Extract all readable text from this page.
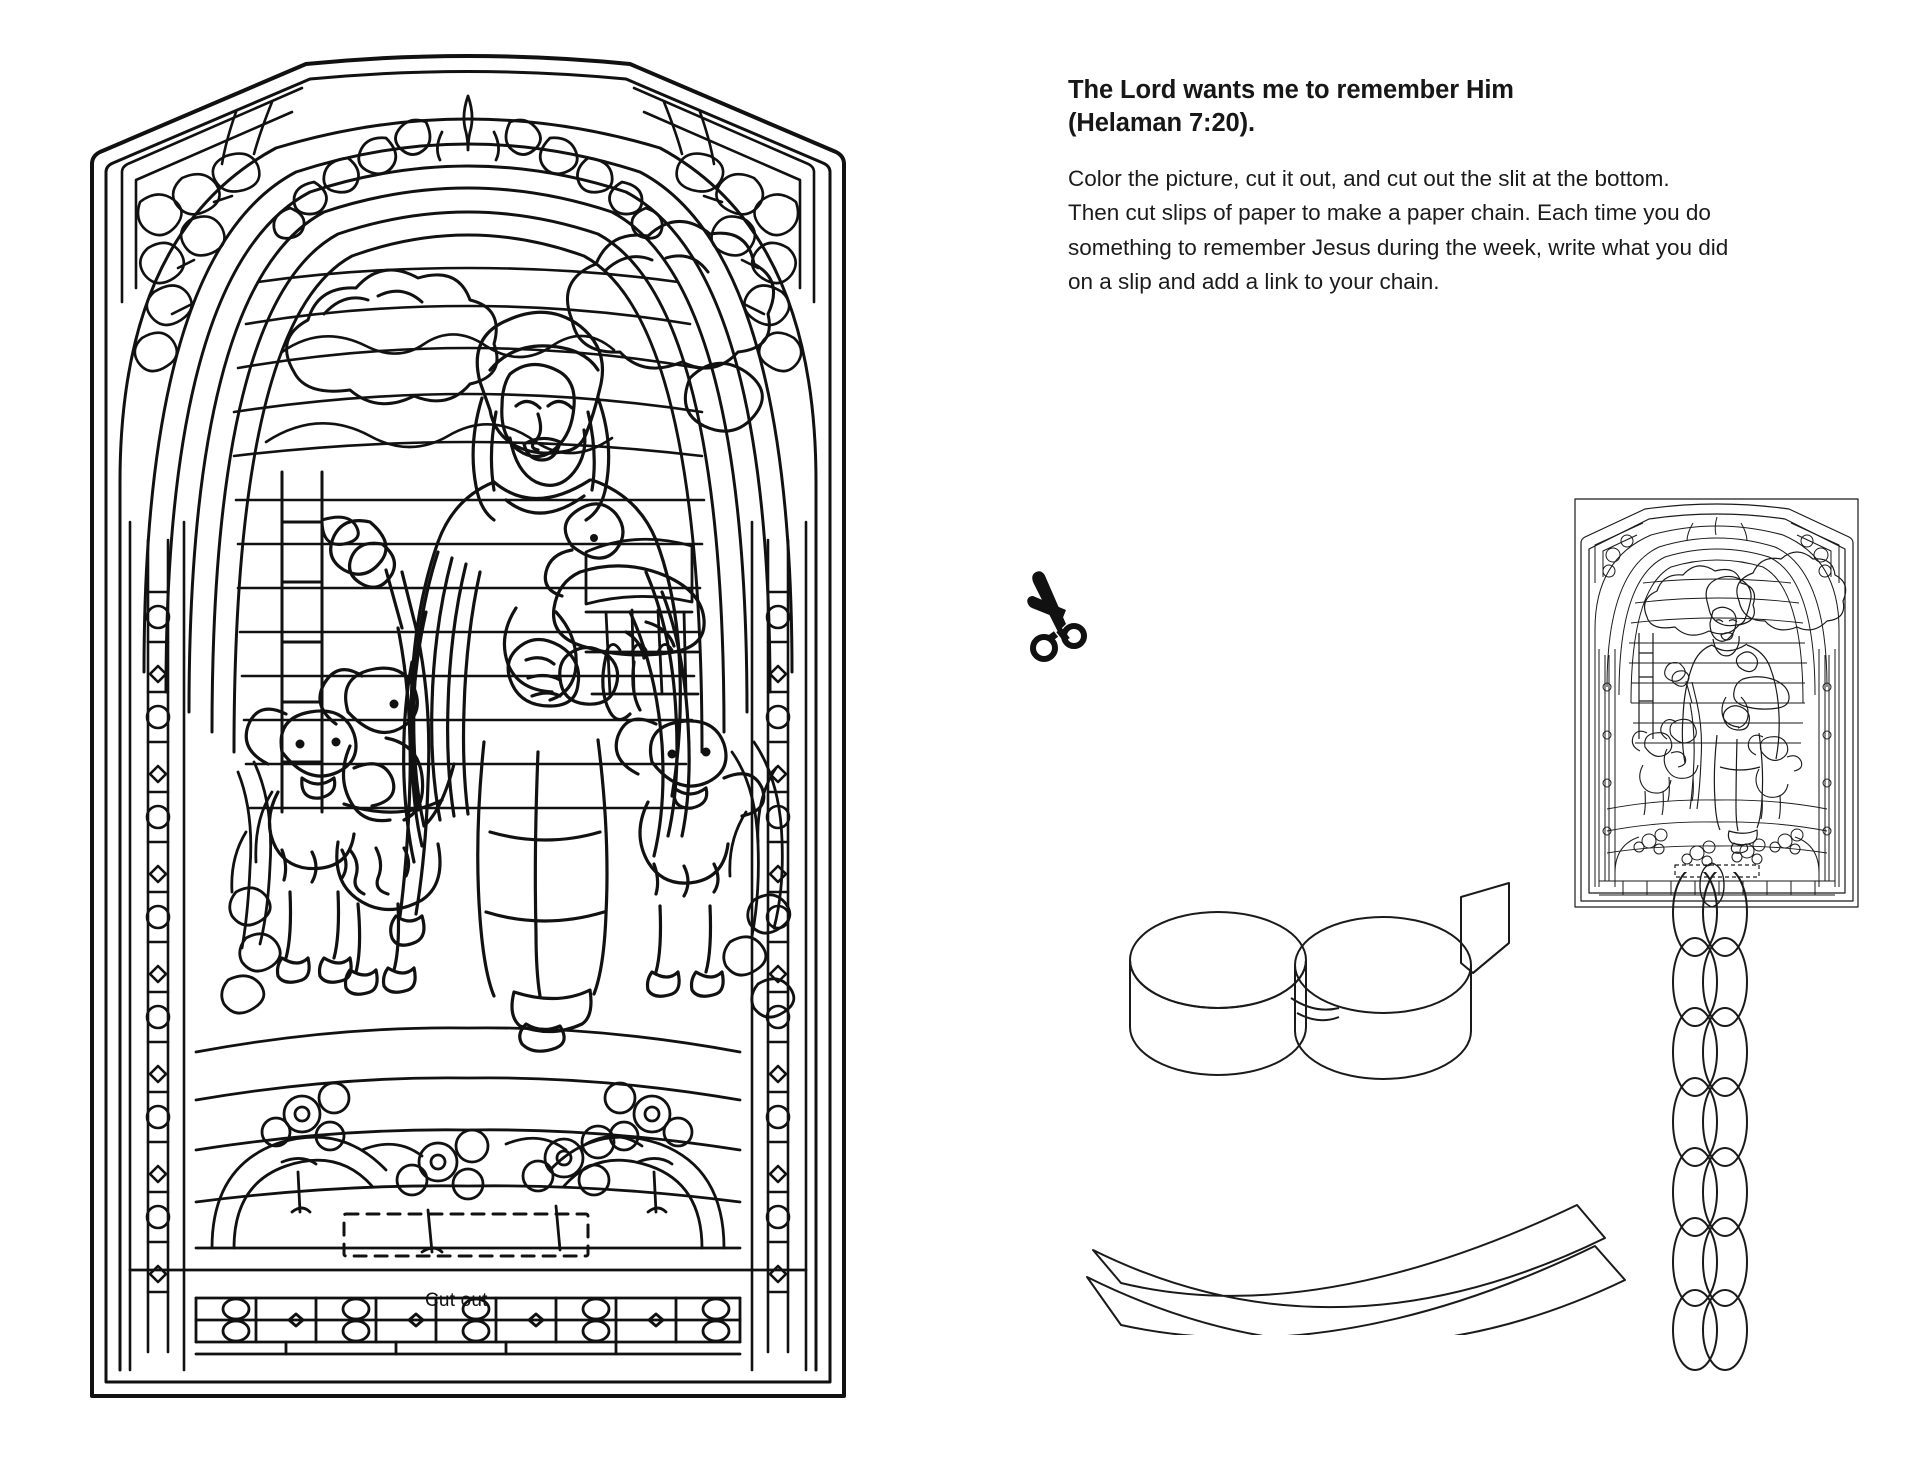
Cut out
The Lord wants me to remember Him
(Helaman 7:20).

Color the picture, cut it out, and cut out the slit at the bottom.
Then cut slips of paper to make a paper chain. Each time you do
something to remember Jesus during the week, write what you did
on a slip and add a link to your chain.
